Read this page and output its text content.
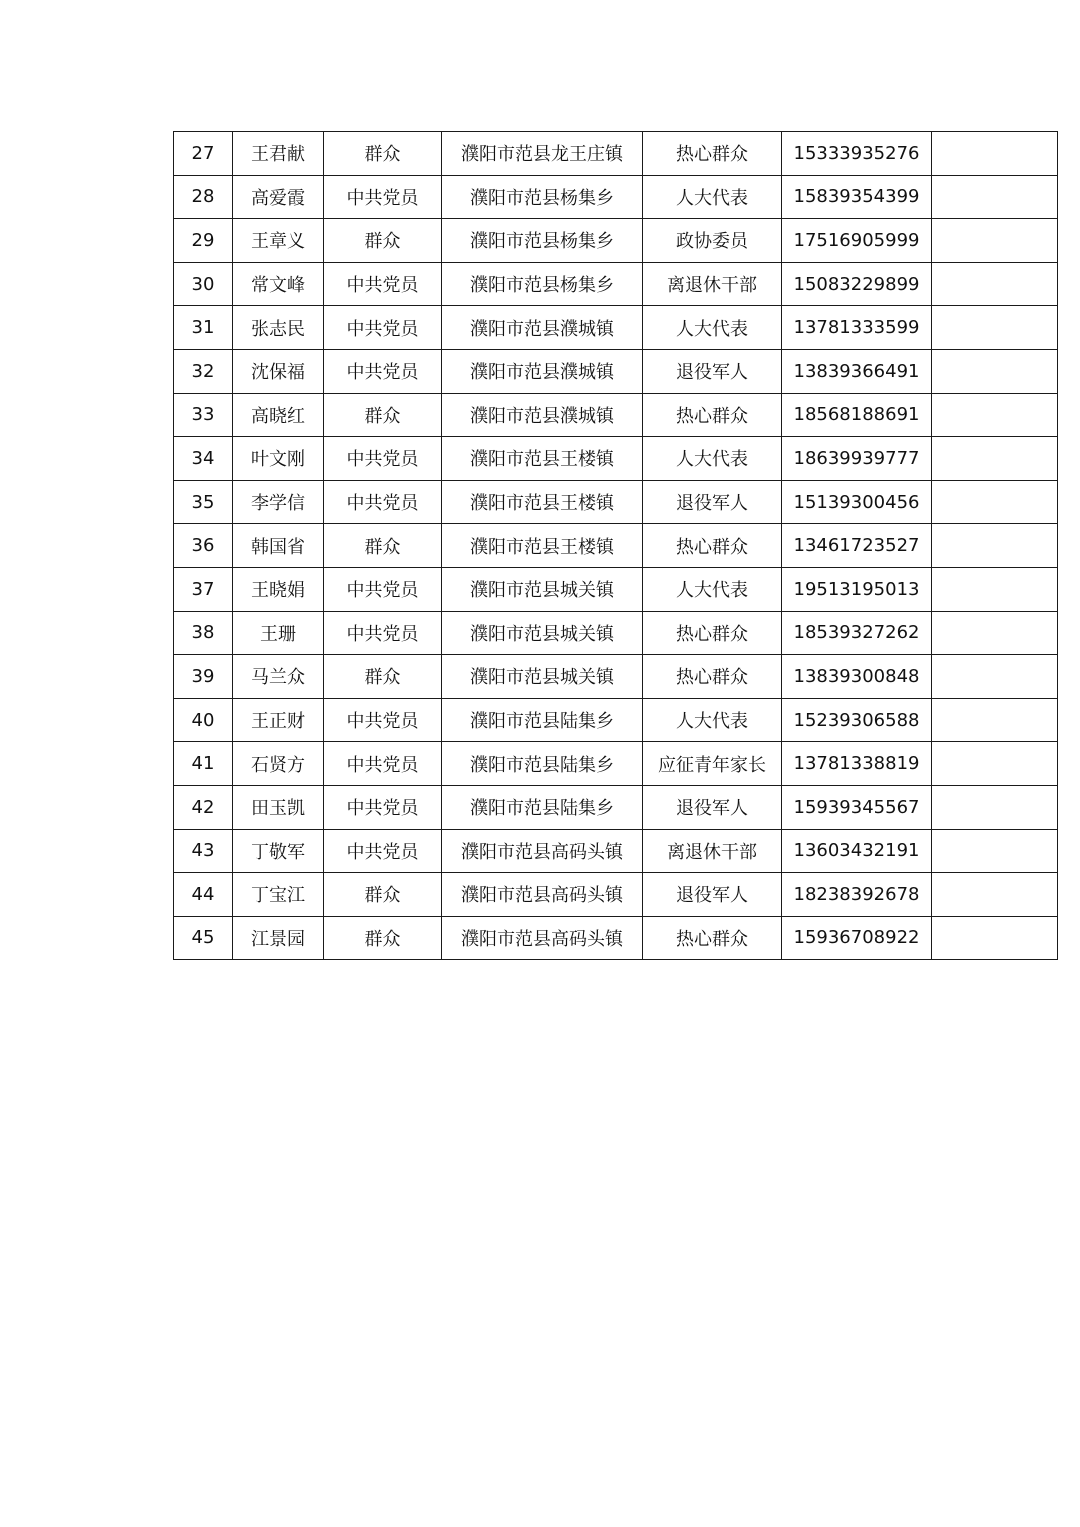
27	王君献	群众	濮阳市范县龙王庄镇	热心群众	15333935276	
28	高爱霞	中共党员	濮阳市范县杨集乡	人大代表	15839354399	
29	王章义	群众	濮阳市范县杨集乡	政协委员	17516905999	
30	常文峰	中共党员	濮阳市范县杨集乡	离退休干部	15083229899	
31	张志民	中共党员	濮阳市范县濮城镇	人大代表	13781333599	
32	沈保福	中共党员	濮阳市范县濮城镇	退役军人	13839366491	
33	高晓红	群众	濮阳市范县濮城镇	热心群众	18568188691	
34	叶文刚	中共党员	濮阳市范县王楼镇	人大代表	18639939777	
35	李学信	中共党员	濮阳市范县王楼镇	退役军人	15139300456	
36	韩国省	群众	濮阳市范县王楼镇	热心群众	13461723527	
37	王晓娟	中共党员	濮阳市范县城关镇	人大代表	19513195013	
38	王珊	中共党员	濮阳市范县城关镇	热心群众	18539327262	
39	马兰众	群众	濮阳市范县城关镇	热心群众	13839300848	
40	王正财	中共党员	濮阳市范县陆集乡	人大代表	15239306588	
41	石贤方	中共党员	濮阳市范县陆集乡	应征青年家长	13781338819	
42	田玉凯	中共党员	濮阳市范县陆集乡	退役军人	15939345567	
43	丁敬军	中共党员	濮阳市范县高码头镇	离退休干部	13603432191	
44	丁宝江	群众	濮阳市范县高码头镇	退役军人	18238392678	
45	江景园	群众	濮阳市范县高码头镇	热心群众	15936708922	
